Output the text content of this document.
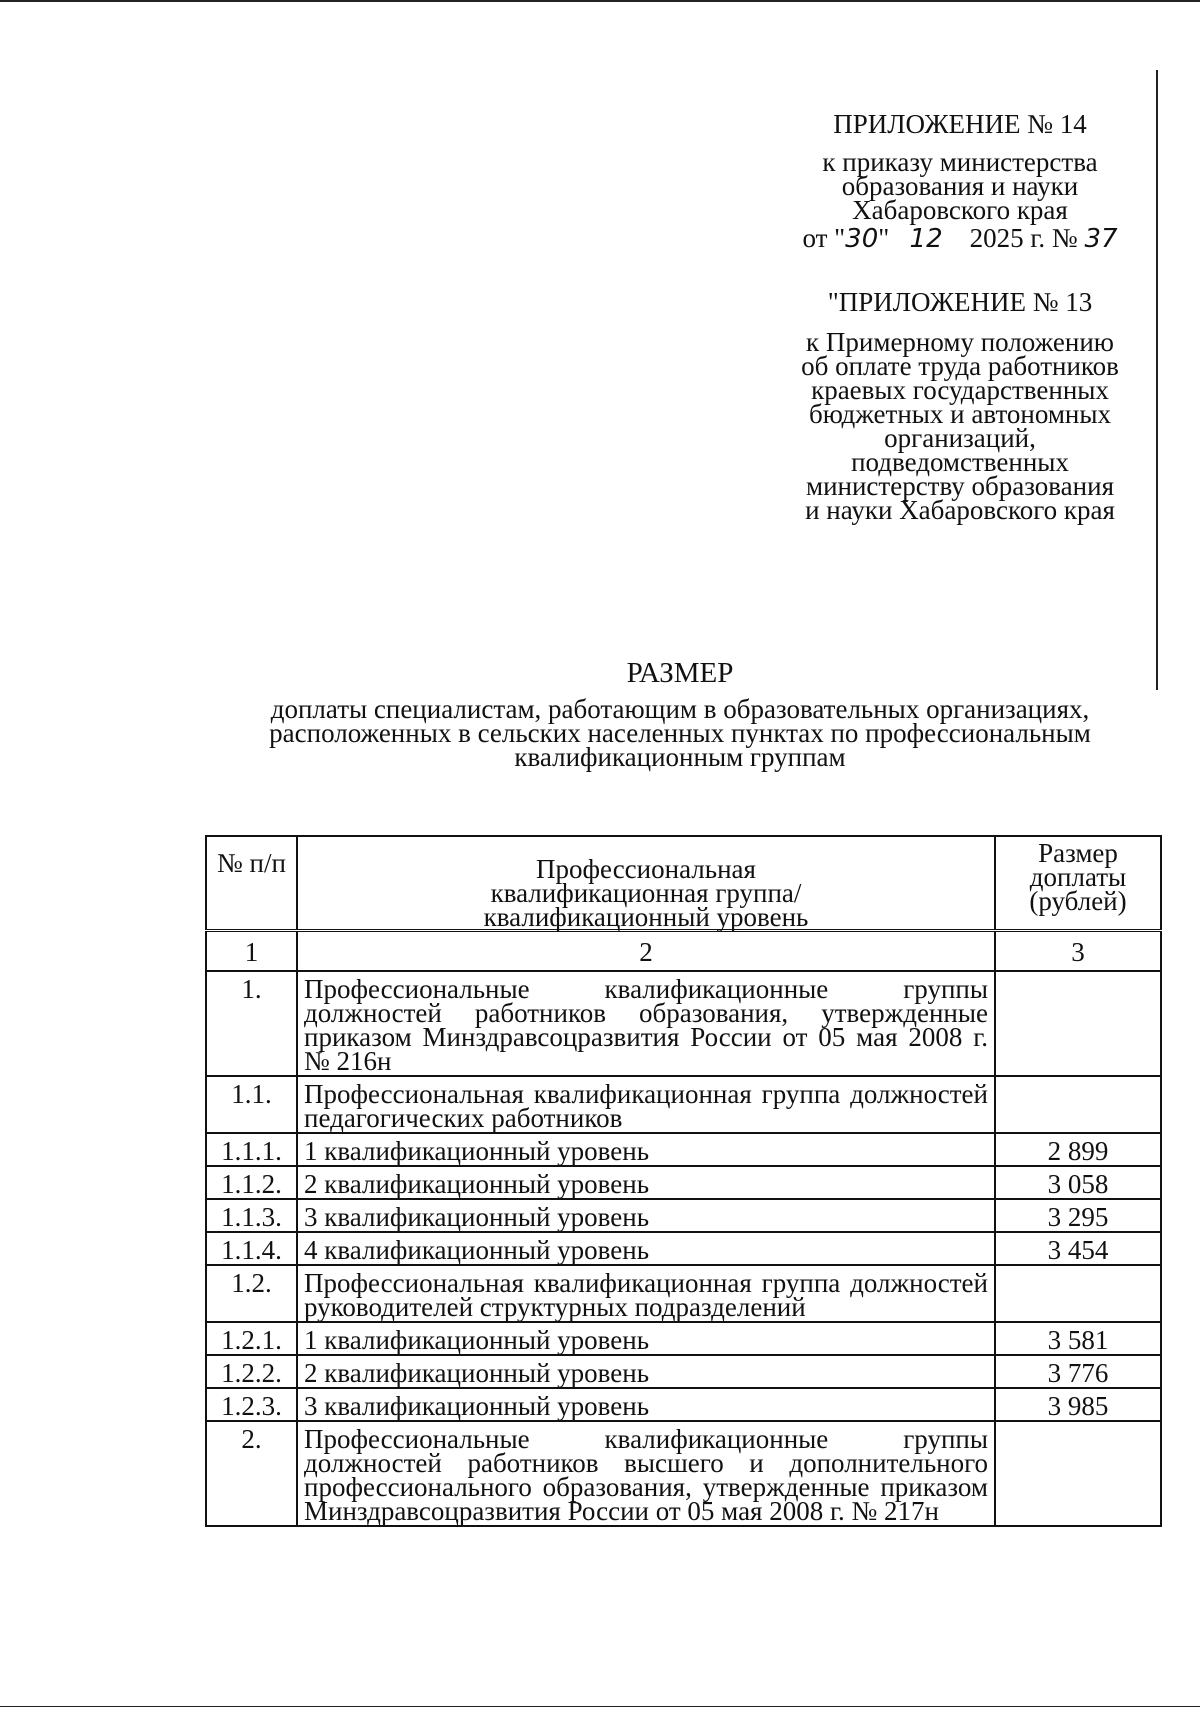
ПРИЛОЖЕНИЕ № 14
к приказу министерства
образования и науки
Хабаровского края
от "30"   12    2025 г. № 37
"ПРИЛОЖЕНИЕ № 13
к Примерному положению
об оплате труда работников
краевых государственных
бюджетных и автономных
организаций,
подведомственных
министерству образования
и науки Хабаровского края
РАЗМЕР
доплаты специалистам, работающим в образовательных организациях, расположенных в сельских населенных пунктах по профессиональным квалификационным группам
№ п/п	Профессиональная квалификационная группа/квалификационный уровень	Размер доплаты (рублей)
1	2	3
1.	Профессиональные квалификационные группы должностей работников образования, утвержденные приказом Минздравсоцразвития России от 05 мая 2008 г. № 216н	
1.1.	Профессиональная квалификационная группа должностей педагогических работников	
1.1.1.	1 квалификационный уровень	2 899
1.1.2.	2 квалификационный уровень	3 058
1.1.3.	3 квалификационный уровень	3 295
1.1.4.	4 квалификационный уровень	3 454
1.2.	Профессиональная квалификационная группа должностей руководителей структурных подразделений	
1.2.1.	1 квалификационный уровень	3 581
1.2.2.	2 квалификационный уровень	3 776
1.2.3.	3 квалификационный уровень	3 985
2.	Профессиональные квалификационные группы должностей работников высшего и дополнительного профессионального образования, утвержденные приказом Минздравсоцразвития России от 05 мая 2008 г. № 217н	
